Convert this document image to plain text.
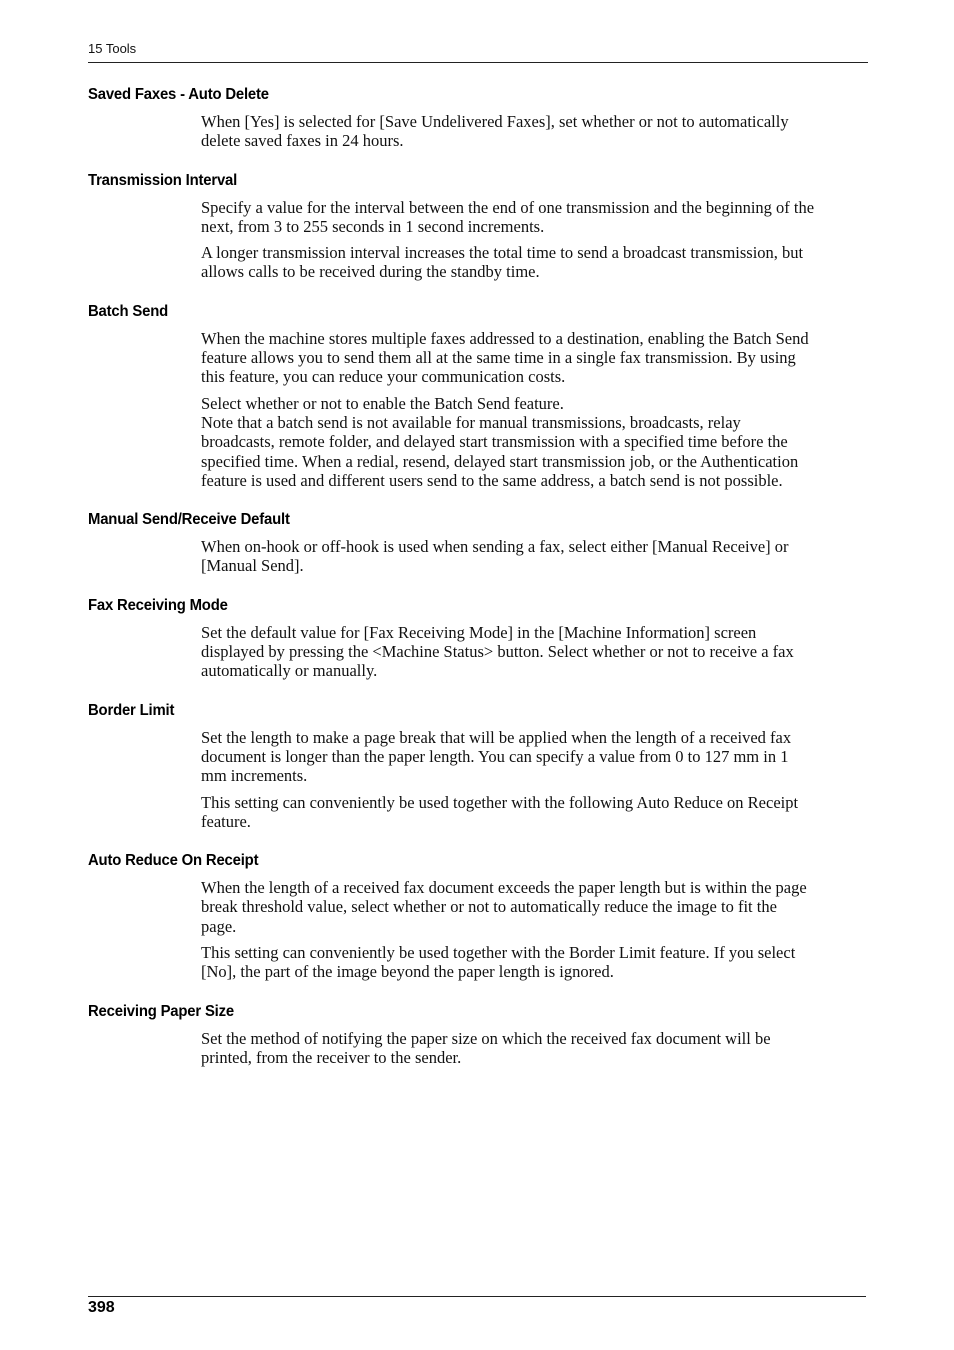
15 Tools
Saved Faxes - Auto Delete
When [Yes] is selected for [Save Undelivered Faxes], set whether or not to automatically
delete saved faxes in 24 hours.
Transmission Interval
Specify a value for the interval between the end of one transmission and the beginning of the
next, from 3 to 255 seconds in 1 second increments.
A longer transmission interval increases the total time to send a broadcast transmission, but
allows calls to be received during the standby time.
Batch Send
When the machine stores multiple faxes addressed to a destination, enabling the Batch Send
feature allows you to send them all at the same time in a single fax transmission. By using
this feature, you can reduce your communication costs.
Select whether or not to enable the Batch Send feature.
Note that a batch send is not available for manual transmissions, broadcasts, relay
broadcasts, remote folder, and delayed start transmission with a specified time before the
specified time. When a redial, resend, delayed start transmission job, or the Authentication
feature is used and different users send to the same address, a batch send is not possible.
Manual Send/Receive Default
When on-hook or off-hook is used when sending a fax, select either [Manual Receive] or
[Manual Send].
Fax Receiving Mode
Set the default value for [Fax Receiving Mode] in the [Machine Information] screen
displayed by pressing the <Machine Status> button. Select whether or not to receive a fax
automatically or manually.
Border Limit
Set the length to make a page break that will be applied when the length of a received fax
document is longer than the paper length. You can specify a value from 0 to 127 mm in 1
mm increments.
This setting can conveniently be used together with the following Auto Reduce on Receipt
feature.
Auto Reduce On Receipt
When the length of a received fax document exceeds the paper length but is within the page
break threshold value, select whether or not to automatically reduce the image to fit the
page.
This setting can conveniently be used together with the Border Limit feature. If you select
[No], the part of the image beyond the paper length is ignored.
Receiving Paper Size
Set the method of notifying the paper size on which the received fax document will be
printed, from the receiver to the sender.
398
